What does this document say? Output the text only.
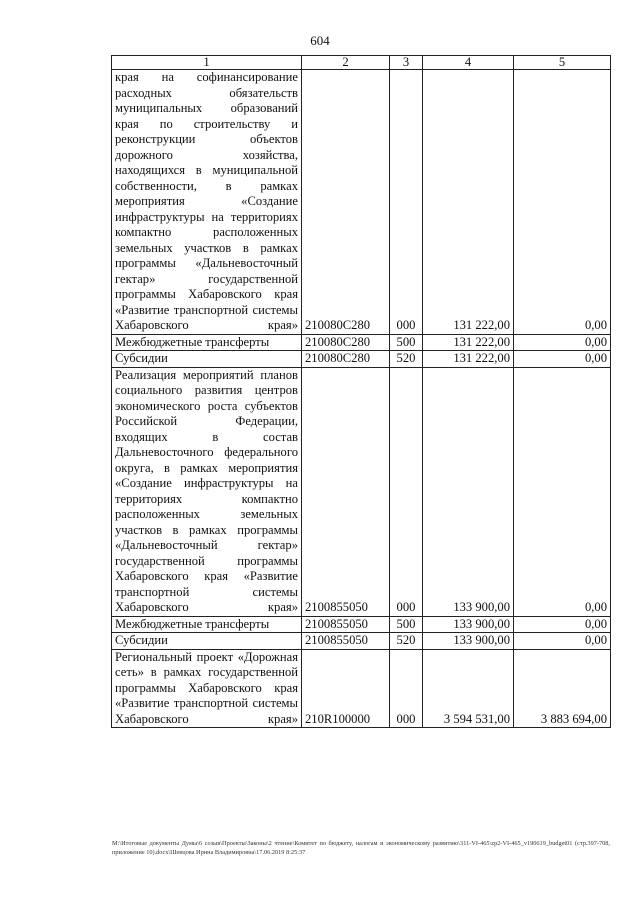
604
1	2	3	4	5
края на софинансирование расходных обязательств муниципальных образований края по строительству и реконструкции объектов дорожного хозяйства, находящихся в муниципальной собственности, в рамках мероприятия «Создание инфраструктуры на территориях компактно расположенных земельных участков в рамках программы «Дальневосточный гектар» государственной программы Хабаровского края «Развитие транспортной системы Хабаровского края»	210080С280	000	131 222,00	0,00
Межбюджетные трансферты	210080С280	500	131 222,00	0,00
Субсидии	210080С280	520	131 222,00	0,00
Реализация мероприятий планов социального развития центров экономического роста субъектов Российской Федерации, входящих в состав Дальневосточного федерального округа, в рамках мероприятия «Создание инфраструктуры на территориях компактно расположенных земельных участков в рамках программы «Дальневосточный гектар» государственной программы Хабаровского края «Развитие транспортной системы Хабаровского края»	2100855050	000	133 900,00	0,00
Межбюджетные трансферты	2100855050	500	133 900,00	0,00
Субсидии	2100855050	520	133 900,00	0,00
Региональный проект «Дорожная сеть» в рамках государственной программы Хабаровского края «Развитие транспортной системы Хабаровского края»	210R100000	000	3 594 531,00	3 883 694,00
M:\Итоговые документы Думы\6 созыв\Проекты\Законы\2 чтение\Комитет по бюджету, налогам и экономическому развитию\311-VI-465\zp2-VI-465_v190619_budget01 (стр.397-708, приложение 10).docx\Шевцова Ирина Владимировна\17.06.2019 8:25:37
